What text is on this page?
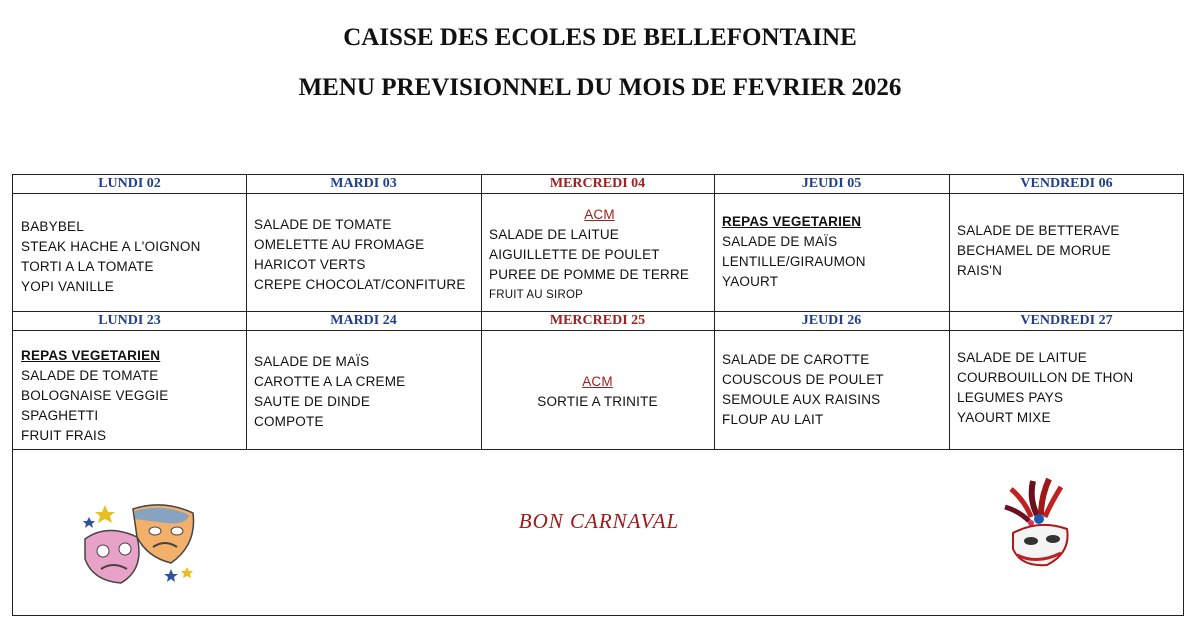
CAISSE DES ECOLES DE BELLEFONTAINE
MENU PREVISIONNEL DU MOIS DE FEVRIER 2026
LUNDI 02
BABYBEL
STEAK HACHE A L'OIGNON
TORTI A LA TOMATE
YOPI VANILLE
MARDI 03
SALADE DE TOMATE
OMELETTE AU FROMAGE
HARICOT VERTS
CREPE CHOCOLAT/CONFITURE
MERCREDI 04
ACM
SALADE DE LAITUE
AIGUILLETTE DE POULET
PUREE DE POMME DE TERRE
FRUIT AU SIROP
JEUDI 05
REPAS VEGETARIEN
SALADE DE MAÏS
LENTILLE/GIRAUMON
YAOURT
VENDREDI 06
SALADE DE BETTERAVE
BECHAMEL DE MORUE
RAIS'N
LUNDI 23
REPAS VEGETARIEN
SALADE DE TOMATE
BOLOGNAISE VEGGIE
SPAGHETTI
FRUIT FRAIS
MARDI 24
SALADE DE MAÏS
CAROTTE A LA CREME
SAUTE DE DINDE
COMPOTE
MERCREDI 25
ACM
SORTIE A TRINITE
JEUDI 26
SALADE DE CAROTTE
COUSCOUS DE POULET
SEMOULE AUX RAISINS
FLOUP AU LAIT
VENDREDI 27
SALADE DE LAITUE
COURBOUILLON DE THON
LEGUMES PAYS
YAOURT MIXE
BON CARNAVAL
